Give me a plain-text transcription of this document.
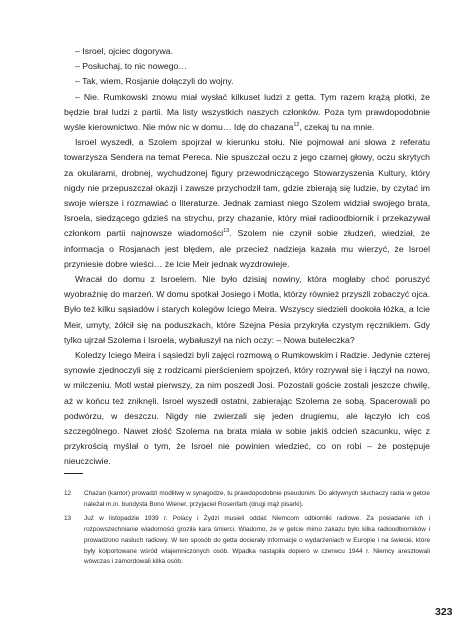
– Isroel, ojciec dogorywa.

– Posłuchaj, to nic nowego…

– Tak, wiem, Rosjanie dołączyli do wojny.

– Nie. Rumkowski znowu miał wysłać kilkuset ludzi z getta. Tym razem krążą plotki, że będzie brał ludzi z partii. Ma listy wszystkich naszych członków. Poza tym prawdopodobnie wyśle kierownictwo. Nie mów nic w domu… Idę do chazana$^{12}$, czekaj tu na mnie.

Isroel wyszedł, a Szolem spojrzał w kierunku stołu. Nie pojmował ani słowa z referatu towarzysza Sendera na temat Pereca. Nie spuszczał oczu z jego czarnej głowy, oczu skrytych za okularami, drobnej, wychudzonej figury przewodniczącego Stowarzyszenia Kultury, który nigdy nie przepuszczał okazji i zawsze przychodził tam, gdzie zbierają się ludzie, by czytać im swoje wiersze i rozmawiać o literaturze. Jednak zamiast niego Szolem widział swojego brata, Isroela, siedzącego gdzieś na strychu, przy chazanie, który miał radioodbiornik i przekazywał członkom partii najnowsze wiadomości$^{13}$. Szolem nie czynił sobie złudzeń, wiedział, że informacja o Rosjanach jest błędem, ale przecież nadzieja kazała mu wierzyć, że Isroel przyniesie dobre wieści… że Icie Meir jednak wyzdrowieje.

Wracał do domu z Isroelem. Nie było dzisiaj nowiny, która mogłaby choć poruszyć wyobraźnię do marzeń. W domu spotkał Josiego i Motla, którzy również przyszli zobaczyć ojca. Było też kilku sąsiadów i starych kolegów Iciego Meira. Wszyscy siedzieli dookoła łóżka, a Icie Meir, umyty, żółcił się na poduszkach, które Szejna Pesia przykryła czystym ręcznikiem. Gdy tylko ujrzał Szolema i Isroela, wybałuszył na nich oczy: – Nowa buteleczka?

Koledzy Iciego Meira i sąsiedzi byli zajęci rozmową o Rumkowskim i Radzie. Jedynie czterej synowie zjednoczyli się z rodzicami pierścieniem spojrzeń, który rozrywał się i łączył na nowo, w milczeniu. Motl wstał pierwszy, za nim poszedł Josi. Pozostali goście zostali jeszcze chwilę, aż w końcu też zniknęli. Isroel wyszedł ostatni, zabierając Szolema ze sobą. Spacerowali po podwórzu, w deszczu. Nigdy nie zwierzali się jeden drugiemu, ale łączyło ich coś szczególnego. Nawet złość Szolema na brata miała w sobie jakiś odcień szacunku, więc z przykrością myślał o tym, że Isroel nie powinien wiedzieć, co on robi – że postępuje nieuczciwie.

12 Chazan (kantor) prowadzi modlitwy w synagodze, tu prawdopodobnie pseudonim. Do aktywnych słuchaczy radia w getcie należał m.in. bundysta Bono Wiener, przyjaciel Rosenfarb (drugi mąż pisarki).
13 Już w listopadzie 1939 r. Polacy i Żydzi musieli oddać Niemcom odbiorniki radiowe. Za posiadanie ich i rozpowszechnianie wiadomości groziła kara śmierci. Wiadomo, że w getcie mimo zakazu było kilka radioodbiorników i prowadzono nasłuch radiowy. W ten sposób do getta docierały informacje o wydarzeniach w Europie i na świecie, które były kolportowane wśród wtajemniczonych osób. Wpadka nastąpiła dopiero w czerwcu 1944 r. Niemcy aresztowali wówczas i zamordowali kilka osób.
323
